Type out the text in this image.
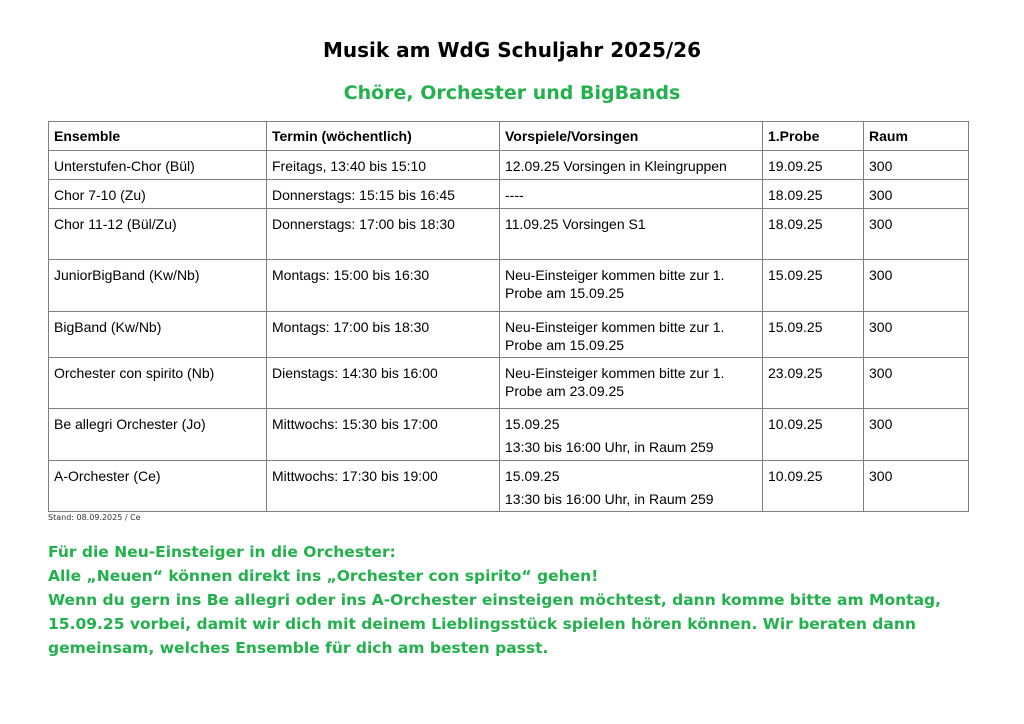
Musik am WdG Schuljahr 2025/26
Chöre, Orchester und BigBands
Ensemble	Termin (wöchentlich)	Vorspiele/Vorsingen	1.Probe	Raum
Unterstufen-Chor (Bül)	Freitags, 13:40 bis 15:10	12.09.25 Vorsingen in Kleingruppen	19.09.25	300
Chor 7-10 (Zu)	Donnerstags: 15:15 bis 16:45	----	18.09.25	300
Chor 11-12 (Bül/Zu)	Donnerstags: 17:00 bis 18:30	11.09.25 Vorsingen S1	18.09.25	300
JuniorBigBand (Kw/Nb)	Montags: 15:00 bis 16:30	Neu-Einsteiger kommen bitte zur 1.
Probe am 15.09.25	15.09.25	300
BigBand (Kw/Nb)	Montags: 17:00 bis 18:30	Neu-Einsteiger kommen bitte zur 1.
Probe am 15.09.25	15.09.25	300
Orchester con spirito (Nb)	Dienstags: 14:30 bis 16:00	Neu-Einsteiger kommen bitte zur 1.
Probe am 23.09.25	23.09.25	300
Be allegri Orchester (Jo)	Mittwochs: 15:30 bis 17:00	15.09.25
13:30 bis 16:00 Uhr, in Raum 259	10.09.25	300
A-Orchester (Ce)	Mittwochs: 17:30 bis 19:00	15.09.25
13:30 bis 16:00 Uhr, in Raum 259	10.09.25	300
Stand: 08.09.2025 / Ce
Für die Neu-Einsteiger in die Orchester:
Alle „Neuen“ können direkt ins „Orchester con spirito“ gehen!
Wenn du gern ins Be allegri oder ins A-Orchester einsteigen möchtest, dann komme bitte am Montag,
15.09.25 vorbei, damit wir dich mit deinem Lieblingsstück spielen hören können. Wir beraten dann
gemeinsam, welches Ensemble für dich am besten passt.
